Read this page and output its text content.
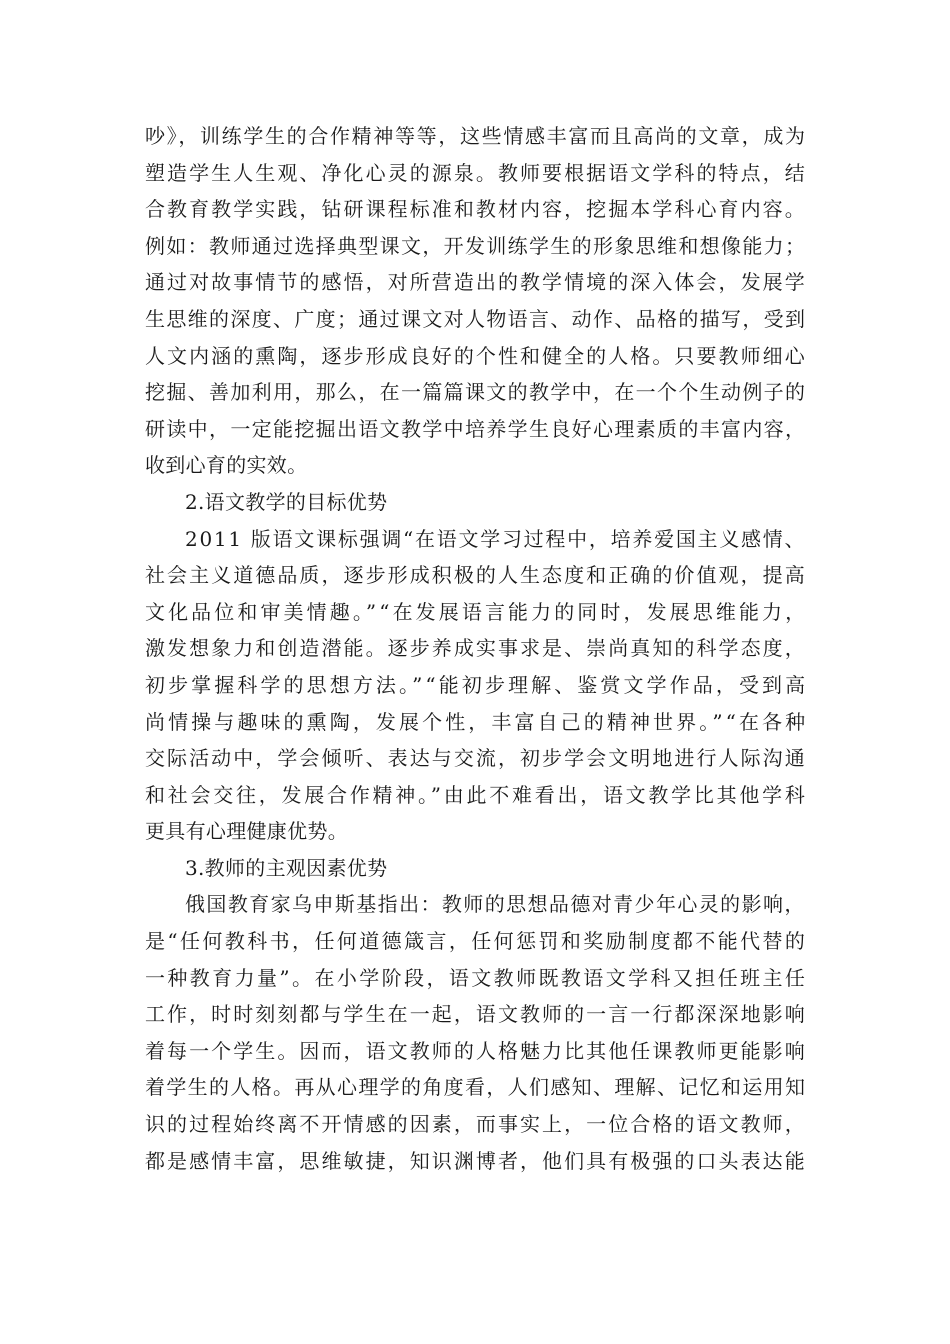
吵》，训练学生的合作精神等等，这些情感丰富而且高尚的文章，成为
塑造学生人生观、净化心灵的源泉。教师要根据语文学科的特点，结
合教育教学实践，钻研课程标准和教材内容，挖掘本学科心育内容。
例如：教师通过选择典型课文，开发训练学生的形象思维和想像能力；
通过对故事情节的感悟，对所营造出的教学情境的深入体会，发展学
生思维的深度、广度；通过课文对人物语言、动作、品格的描写，受到
人文内涵的熏陶，逐步形成良好的个性和健全的人格。只要教师细心
挖掘、善加利用，那么，在一篇篇课文的教学中，在一个个生动例子的
研读中，一定能挖掘出语文教学中培养学生良好心理素质的丰富内容，
收到心育的实效。
2.语文教学的目标优势
2011 版语文课标强调“在语文学习过程中，培养爱国主义感情、
社会主义道德品质，逐步形成积极的人生态度和正确的价值观，提高
文化品位和审美情趣。”“在发展语言能力的同时，发展思维能力，
激发想象力和创造潜能。逐步养成实事求是、崇尚真知的科学态度，
初步掌握科学的思想方法。”“能初步理解、鉴赏文学作品，受到高
尚情操与趣味的熏陶，发展个性，丰富自己的精神世界。”“在各种
交际活动中，学会倾听、表达与交流，初步学会文明地进行人际沟通
和社会交往，发展合作精神。”由此不难看出，语文教学比其他学科
更具有心理健康优势。
3.教师的主观因素优势
俄国教育家乌申斯基指出：教师的思想品德对青少年心灵的影响，
是“任何教科书，任何道德箴言，任何惩罚和奖励制度都不能代替的
一种教育力量”。在小学阶段，语文教师既教语文学科又担任班主任
工作，时时刻刻都与学生在一起，语文教师的一言一行都深深地影响
着每一个学生。因而，语文教师的人格魅力比其他任课教师更能影响
着学生的人格。再从心理学的角度看，人们感知、理解、记忆和运用知
识的过程始终离不开情感的因素，而事实上，一位合格的语文教师，
都是感情丰富，思维敏捷，知识渊博者，他们具有极强的口头表达能
